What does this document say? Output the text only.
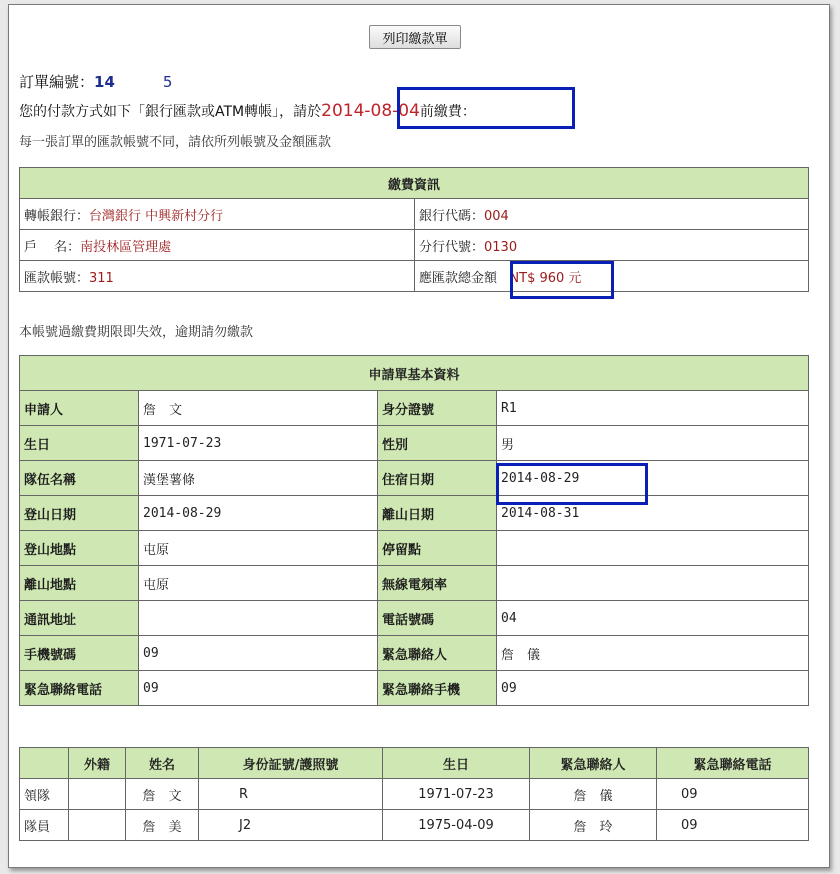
列印繳款單
訂單編號：14	5
您的付款方式如下「銀行匯款或ATM轉帳」，請於2014-08-04前繳費：
每一張訂單的匯款帳號不同，請依所列帳號及金額匯款
繳費資訊	
轉帳銀行：台灣銀行 中興新村分行	銀行代碼：004
戶　 名：南投林區管理處	分行代號：0130
匯款帳號：311	應匯款總金額 NT$ 960 元
本帳號過繳費期限即失效，逾期請勿繳款
申請單基本資料			
申請人	詹　文	身分證號	R1
生日	1971-07-23	性別	男
隊伍名稱	漢堡薯條	住宿日期	2014-08-29
登山日期	2014-08-29	離山日期	2014-08-31
登山地點	屯原	停留點	
離山地點	屯原	無線電頻率	
通訊地址		電話號碼	04
手機號碼	09	緊急聯絡人	詹　儀
緊急聯絡電話	09	緊急聯絡手機	09
	外籍	姓名	身份証號/護照號	生日	緊急聯絡人	緊急聯絡電話
領隊		詹　文	R	1971-07-23	詹　儀	09
隊員		詹　美	J2	1975-04-09	詹　玲	09
